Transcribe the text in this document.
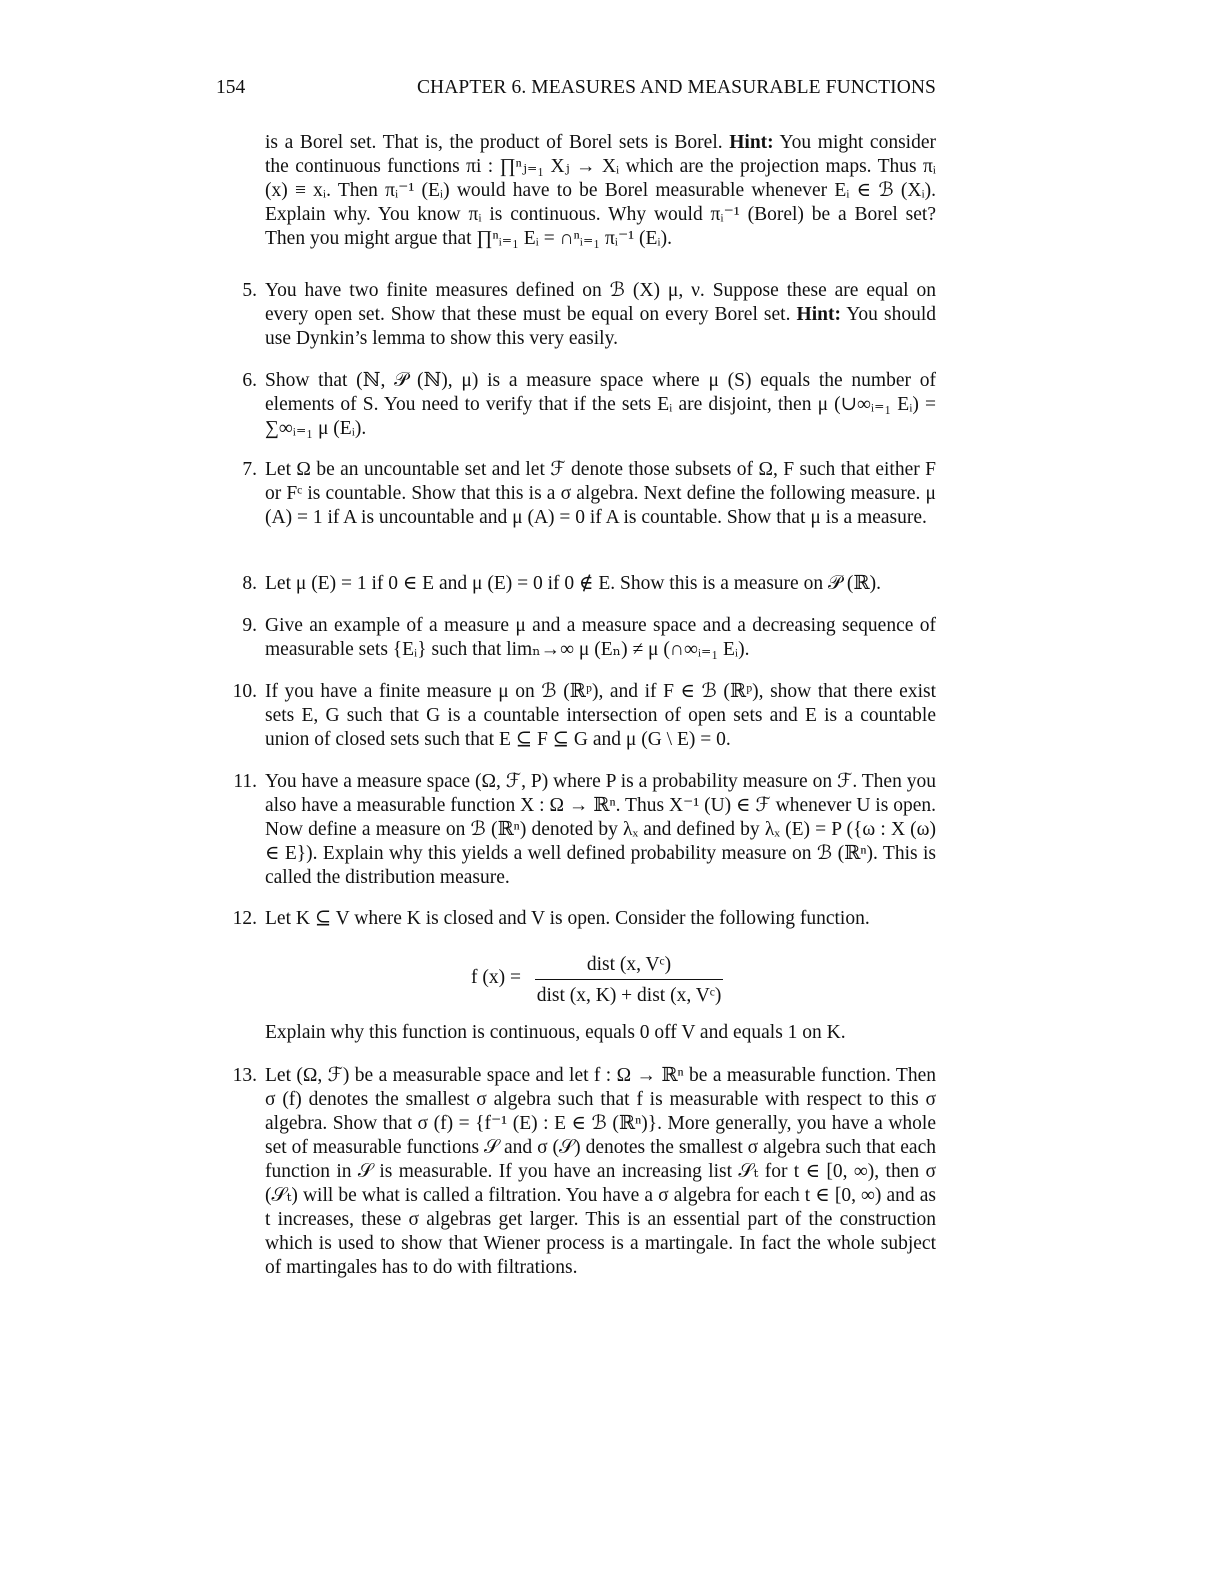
154	CHAPTER 6. MEASURES AND MEASURABLE FUNCTIONS

is a Borel set. That is, the product of Borel sets is Borel. Hint: You might consider the continuous functions πi : ∏ⁿⱼ₌₁ Xⱼ → Xᵢ which are the projection maps. Thus πᵢ (x) ≡ xᵢ. Then πᵢ⁻¹ (Eᵢ) would have to be Borel measurable whenever Eᵢ ∈ ℬ (Xᵢ). Explain why. You know πᵢ is continuous. Why would πᵢ⁻¹ (Borel) be a Borel set? Then you might argue that ∏ⁿᵢ₌₁ Eᵢ = ∩ⁿᵢ₌₁ πᵢ⁻¹ (Eᵢ).

5. You have two finite measures defined on ℬ (X) μ, ν. Suppose these are equal on every open set. Show that these must be equal on every Borel set. Hint: You should use Dynkin’s lemma to show this very easily.

6. Show that (ℕ, 𝒫 (ℕ), μ) is a measure space where μ (S) equals the number of elements of S. You need to verify that if the sets Eᵢ are disjoint, then μ (∪∞ᵢ₌₁ Eᵢ) = ∑∞ᵢ₌₁ μ (Eᵢ).

7. Let Ω be an uncountable set and let ℱ denote those subsets of Ω, F such that either F or Fᶜ is countable. Show that this is a σ algebra. Next define the following measure. μ (A) = 1 if A is uncountable and μ (A) = 0 if A is countable. Show that μ is a measure.

8. Let μ (E) = 1 if 0 ∈ E and μ (E) = 0 if 0 ∉ E. Show this is a measure on 𝒫 (ℝ).

9. Give an example of a measure μ and a measure space and a decreasing sequence of measurable sets {Eᵢ} such that limₙ→∞ μ (Eₙ) ≠ μ (∩∞ᵢ₌₁ Eᵢ).

10. If you have a finite measure μ on ℬ (ℝᵖ), and if F ∈ ℬ (ℝᵖ), show that there exist sets E, G such that G is a countable intersection of open sets and E is a countable union of closed sets such that E ⊆ F ⊆ G and μ (G \ E) = 0.

11. You have a measure space (Ω, ℱ, P) where P is a probability measure on ℱ. Then you also have a measurable function X : Ω → ℝⁿ. Thus X⁻¹ (U) ∈ ℱ whenever U is open. Now define a measure on ℬ (ℝⁿ) denoted by λₓ and defined by λₓ (E) = P ({ω : X (ω) ∈ E}). Explain why this yields a well defined probability measure on ℬ (ℝⁿ). This is called the distribution measure.

12. Let K ⊆ V where K is closed and V is open. Consider the following function.

f (x) =
dist (x, Vᶜ)
dist (x, K) + dist (x, Vᶜ)
Explain why this function is continuous, equals 0 off V and equals 1 on K.
13. Let (Ω, ℱ) be a measurable space and let f : Ω → ℝⁿ be a measurable function. Then σ (f) denotes the smallest σ algebra such that f is measurable with respect to this σ algebra. Show that σ (f) = {f⁻¹ (E) : E ∈ ℬ (ℝⁿ)}. More generally, you have a whole set of measurable functions 𝒮 and σ (𝒮) denotes the smallest σ algebra such that each function in 𝒮 is measurable. If you have an increasing list 𝒮ₜ for t ∈ [0, ∞), then σ (𝒮ₜ) will be what is called a filtration. You have a σ algebra for each t ∈ [0, ∞) and as t increases, these σ algebras get larger. This is an essential part of the construction which is used to show that Wiener process is a martingale. In fact the whole subject of martingales has to do with filtrations.
